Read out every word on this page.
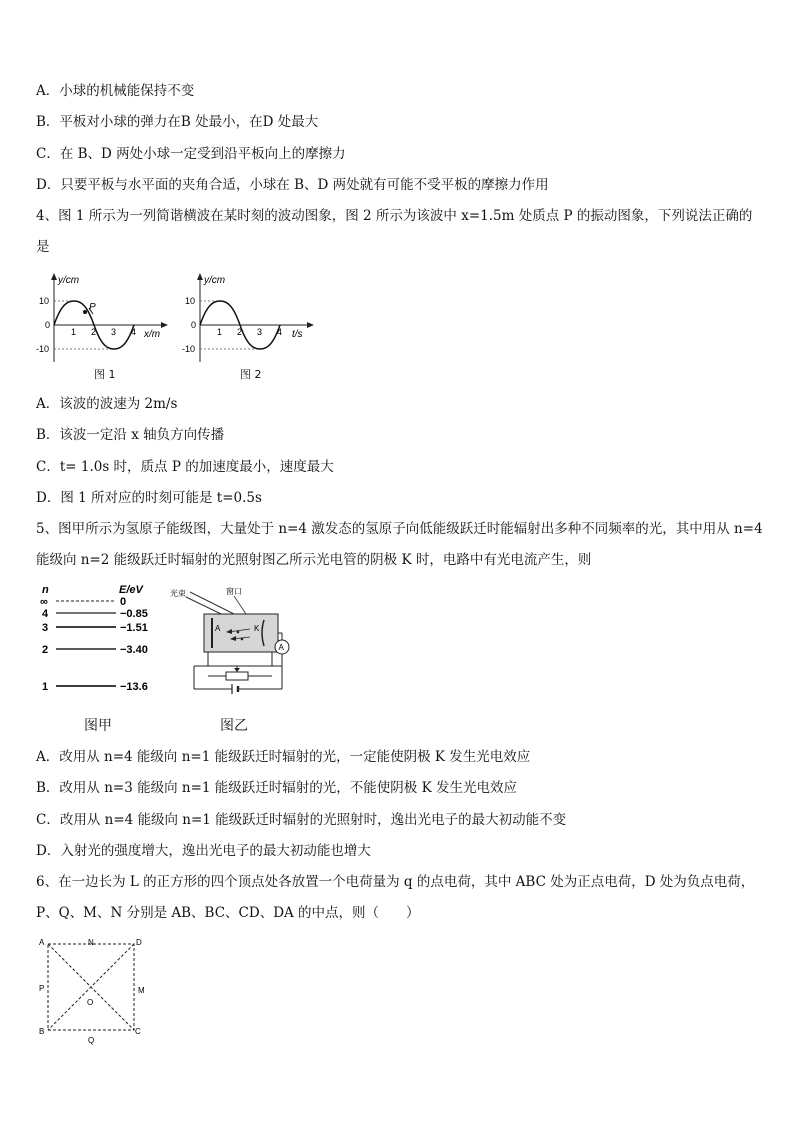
A．小球的机械能保持不变
B．平板对小球的弹力在B 处最小，在D 处最大
C．在 B、D 两处小球一定受到沿平板向上的摩擦力
D．只要平板与水平面的夹角合适，小球在 B、D 两处就有可能不受平板的摩擦力作用
4、图 1 所示为一列简谐横波在某时刻的波动图象，图 2 所示为该波中 x=1.5m 处质点 P 的振动图象，下列说法正确的
是
y/cm
10
0
-10
1 2 3 4 x/m
P
图 1
y/cm
10
0
-10
1 2 3 4 t/s
图 2
A．该波的波速为 2m/s
B．该波一定沿 x 轴负方向传播
C．t= 1.0s 时，质点 P 的加速度最小，速度最大
D．图 1 所对应的时刻可能是 t=0.5s
5、图甲所示为氢原子能级图，大量处于 n=4 激发态的氢原子向低能级跃迁时能辐射出多种不同频率的光，其中用从 n=4
能级向 n=2 能级跃迁时辐射的光照射图乙所示光电管的阴极 K 时，电路中有光电流产生，则
n	E/eV
∞	0
4	−0.85
3	−1.51
2	−3.40
1	−13.6
光束	窗口
A	K
A
图甲	图乙
A．改用从 n=4 能级向 n=1 能级跃迁时辐射的光，一定能使阴极 K 发生光电效应
B．改用从 n=3 能级向 n=1 能级跃迁时辐射的光，不能使阴极 K 发生光电效应
C．改用从 n=4 能级向 n=1 能级跃迁时辐射的光照射时，逸出光电子的最大初动能不变
D．入射光的强度增大，逸出光电子的最大初动能也增大
6、在一边长为 L 的正方形的四个顶点处各放置一个电荷量为 q 的点电荷，其中 ABC 处为正点电荷，D 处为负点电荷，
P、Q、M、N 分别是 AB、BC、CD、DA 的中点，则（　　）
A	N	D
P	M
O
B	C
Q
